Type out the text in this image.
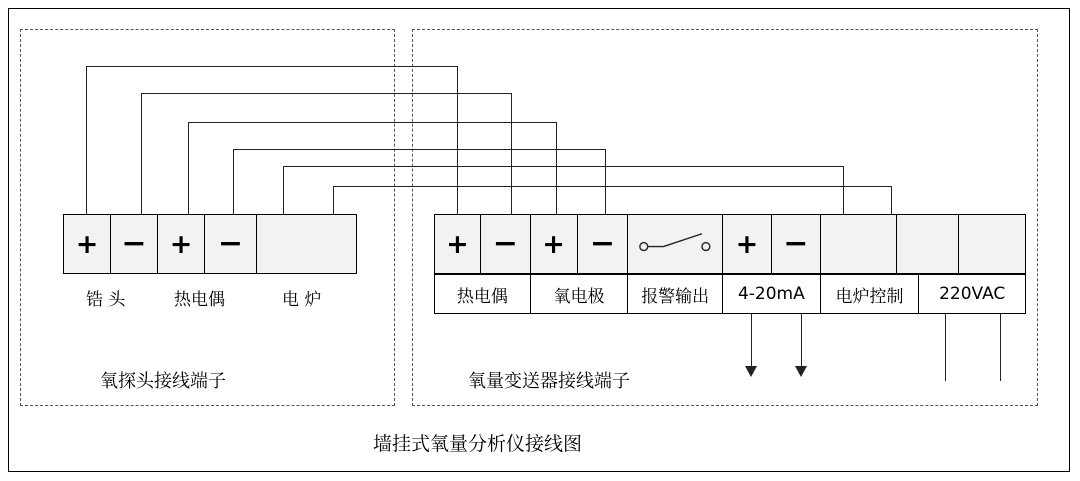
+ − + −
锆 头	热电偶	电 炉
氧探头接线端子
+ − + −	+ −
热电偶	氧电极 报警输出 4-20mA 电炉控制 220VAC
氧量变送器接线端子
墙挂式氧量分析仪接线图
